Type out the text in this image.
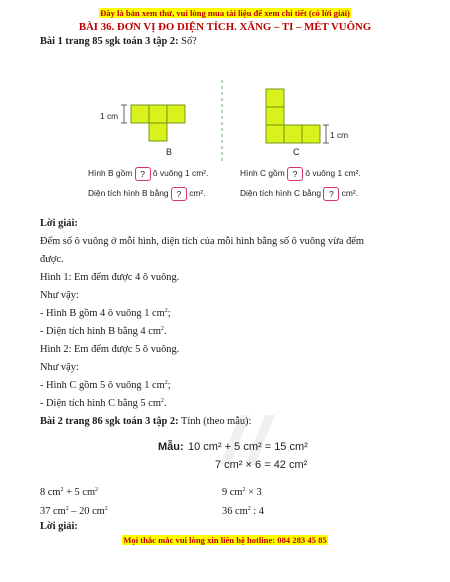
Đây là bản xem thử, vui lòng mua tài liệu để xem chi tiết (có lời giải)
BÀI 36. ĐƠN VỊ ĐO DIỆN TÍCH. XĂNG – TI – MÉT VUÔNG
Bài 1 trang 85 sgk toán 3 tập 2: Số?
1 cm
B
1 cm
C
Hình B gồm ? ô vuông 1 cm².
Diện tích hình B bằng ? cm².
Hình C gồm ? ô vuông 1 cm².
Diện tích hình C bằng ? cm².
Lời giải:
Đếm số ô vuông ở mỗi hình, diện tích của mỗi hình bằng số ô vuông vừa đếm
được.
Hình 1: Em đếm được 4 ô vuông.
Như vậy:
- Hình B gồm 4 ô vuông 1 $cm^2$;
- Diện tích hình B bằng 4 $cm^2$.
Hình 2: Em đếm được 5 ô vuông.
Như vậy:
- Hình C gồm 5 ô vuông 1 $cm^2$;
- Diện tích hình C bằng 5 $cm^2$.
Bài 2 trang 86 sgk toán 3 tập 2: Tính (theo mẫu):
Mẫu: 10 cm² + 5 cm² = 15 cm²
7 cm² × 6 = 42 cm²
8 $cm^2 + 5$ $cm^2$	9 $cm^2 \times 3$
37 $cm^2 - 20$ $cm^2$	36 $cm^2$ : 4
Lời giải:
Mọi thắc mắc vui lòng xin liên hệ hotline: 084 283 45 85
